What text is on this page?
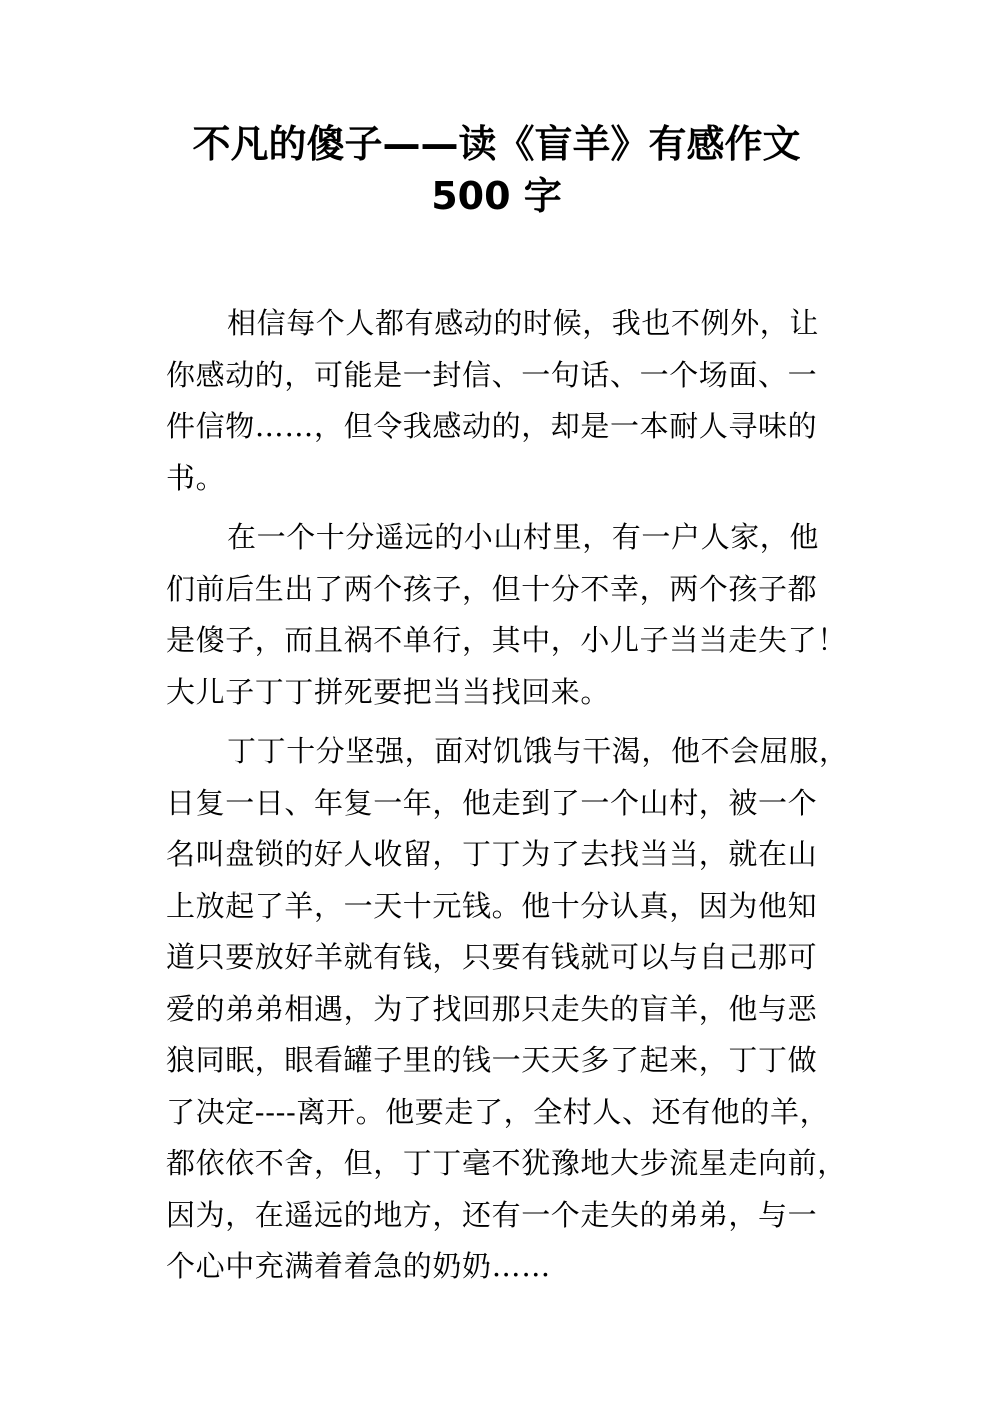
不凡的傻子——读《盲羊》有感作文
500 字
相信每个人都有感动的时候，我也不例外，让
你感动的，可能是一封信、一句话、一个场面、一
件信物……，但令我感动的，却是一本耐人寻味的
书。
在一个十分遥远的小山村里，有一户人家，他
们前后生出了两个孩子，但十分不幸，两个孩子都
是傻子，而且祸不单行，其中，小儿子当当走失了！
大儿子丁丁拼死要把当当找回来。
丁丁十分坚强，面对饥饿与干渴，他不会屈服，
日复一日、年复一年，他走到了一个山村，被一个
名叫盘锁的好人收留，丁丁为了去找当当，就在山
上放起了羊，一天十元钱。他十分认真，因为他知
道只要放好羊就有钱，只要有钱就可以与自己那可
爱的弟弟相遇，为了找回那只走失的盲羊，他与恶
狼同眠，眼看罐子里的钱一天天多了起来，丁丁做
了决定----离开。他要走了，全村人、还有他的羊，
都依依不舍，但，丁丁毫不犹豫地大步流星走向前，
因为，在遥远的地方，还有一个走失的弟弟，与一
个心中充满着着急的奶奶……
